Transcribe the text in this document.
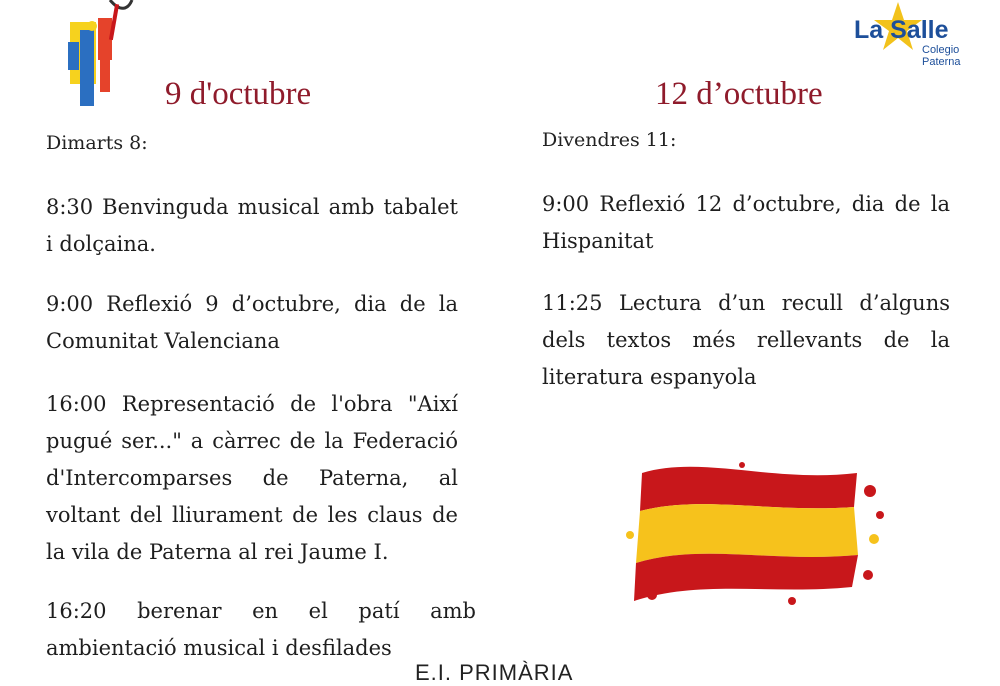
La Salle
Colegio Paterna
9 d'octubre	12 d’octubre
Dimarts 8:
8:30 Benvinguda musical amb tabalet i dolçaina.
9:00 Reflexió 9 d’octubre, dia de la Comunitat Valenciana
16:00 Representació de l'obra "Així pugué ser..." a càrrec de la Federació d'Intercomparses de Paterna, al voltant del lliurament de les claus de la vila de Paterna al rei Jaume I.
16:20 berenar en el patí amb ambientació musical i desfilades
Divendres 11:
9:00 Reflexió 12 d’octubre, dia de la Hispanitat
11:25 Lectura d’un recull d’alguns dels textos més rellevants de la literatura espanyola
E.I. PRIMÀRIA
